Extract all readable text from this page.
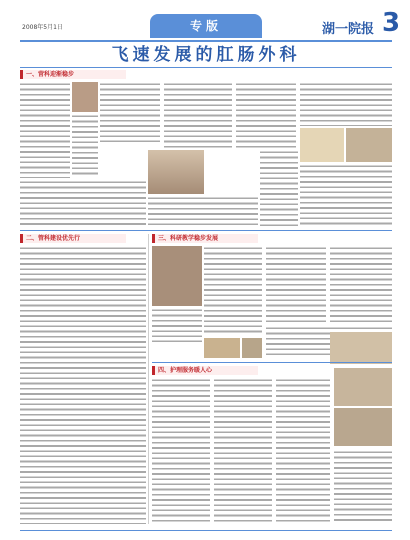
2008年5月1日	专版	湖一院报 3
飞速发展的肛肠外科
一、营科迎渐稳步
二、管科建设优先行	三、科研教学稳步发展
四、护理服务暖人心
